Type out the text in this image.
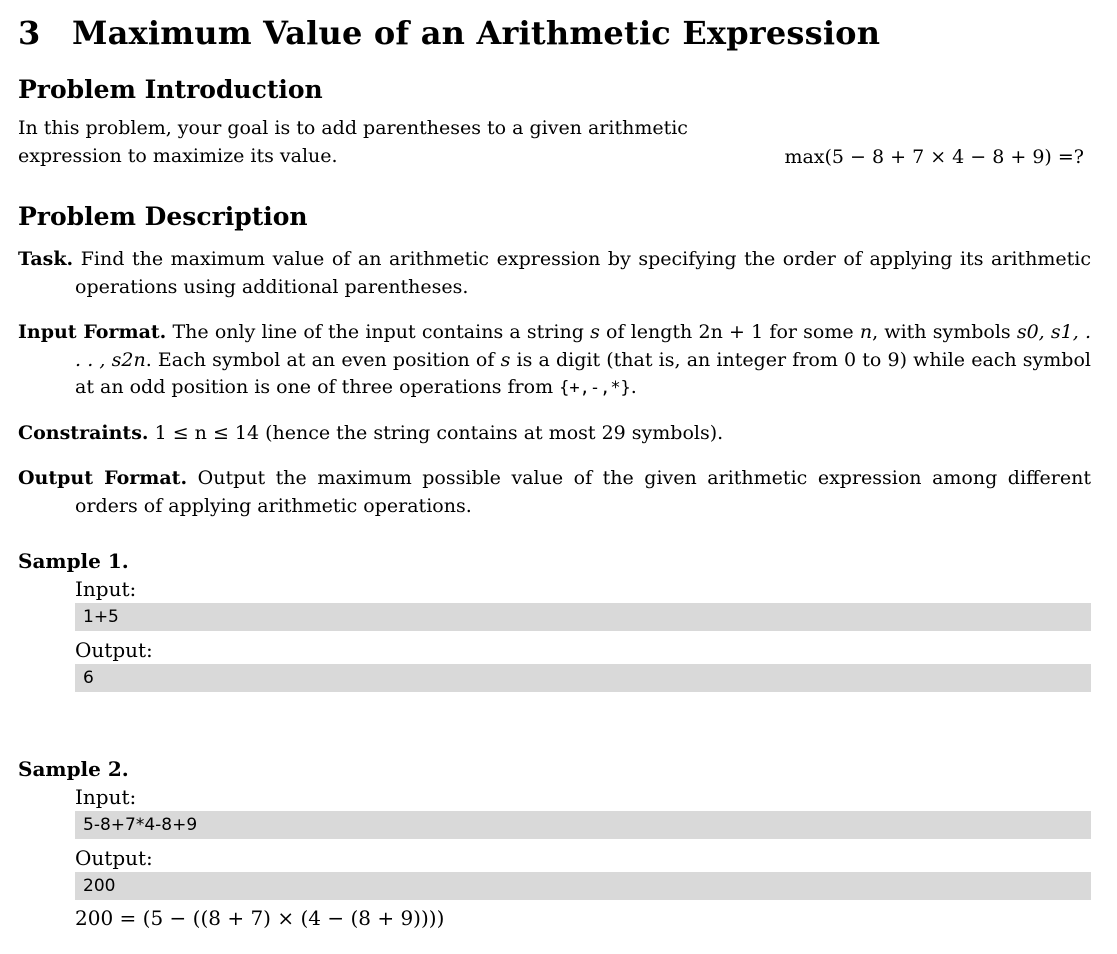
3 Maximum Value of an Arithmetic Expression
Problem Introduction

In this problem, your goal is to add parentheses to a given arithmetic

expression to maximize its value.	max(5 − 8 + 7 × 4 − 8 + 9) =?
Problem Description

Task. Find the maximum value of an arithmetic expression by specifying the order of applying its arithmetic operations using additional parentheses.

Input Format. The only line of the input contains a string s of length 2n + 1 for some n, with symbols s0, s1, . . . , s2n. Each symbol at an even position of s is a digit (that is, an integer from 0 to 9) while each symbol at an odd position is one of three operations from {+,-,*}.

Constraints. 1 ≤ n ≤ 14 (hence the string contains at most 29 symbols).

Output Format. Output the maximum possible value of the given arithmetic expression among different orders of applying arithmetic operations.

Sample 1.

Input:

1+5

Output:

6

Sample 2.

Input:

5-8+7*4-8+9

Output:

200

200 = (5 − ((8 + 7) × (4 − (8 + 9))))
